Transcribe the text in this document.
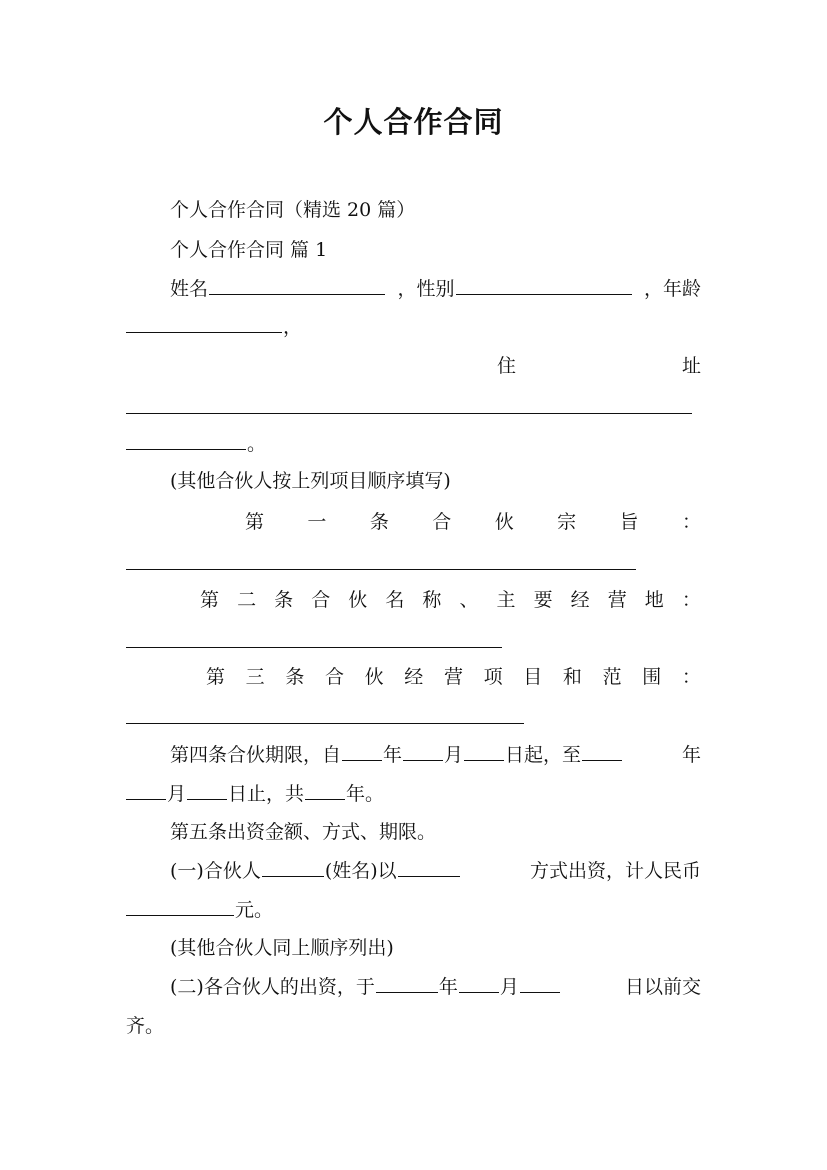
个人合作合同
个人合作合同（精选 20 篇）
个人合作合同 篇 1
姓名	，性别	，年龄
，
住	址
。
(其他合伙人按上列项目顺序填写)
第 一 条 合 伙 宗 旨 ：
第 二 条 合 伙 名 称 、 主 要 经 营 地 ：
第 三 条 合 伙 经 营 项 目 和 范 围 ：
第四条合伙期限，自 年 月 日起，至	年
月 日止，共 年。
第五条出资金额、方式、期限。
(一)合伙人	(姓名)以	方式出资，计人民币
元。
(其他合伙人同上顺序列出)
(二)各合伙人的出资，于	年 月	日以前交
齐。
